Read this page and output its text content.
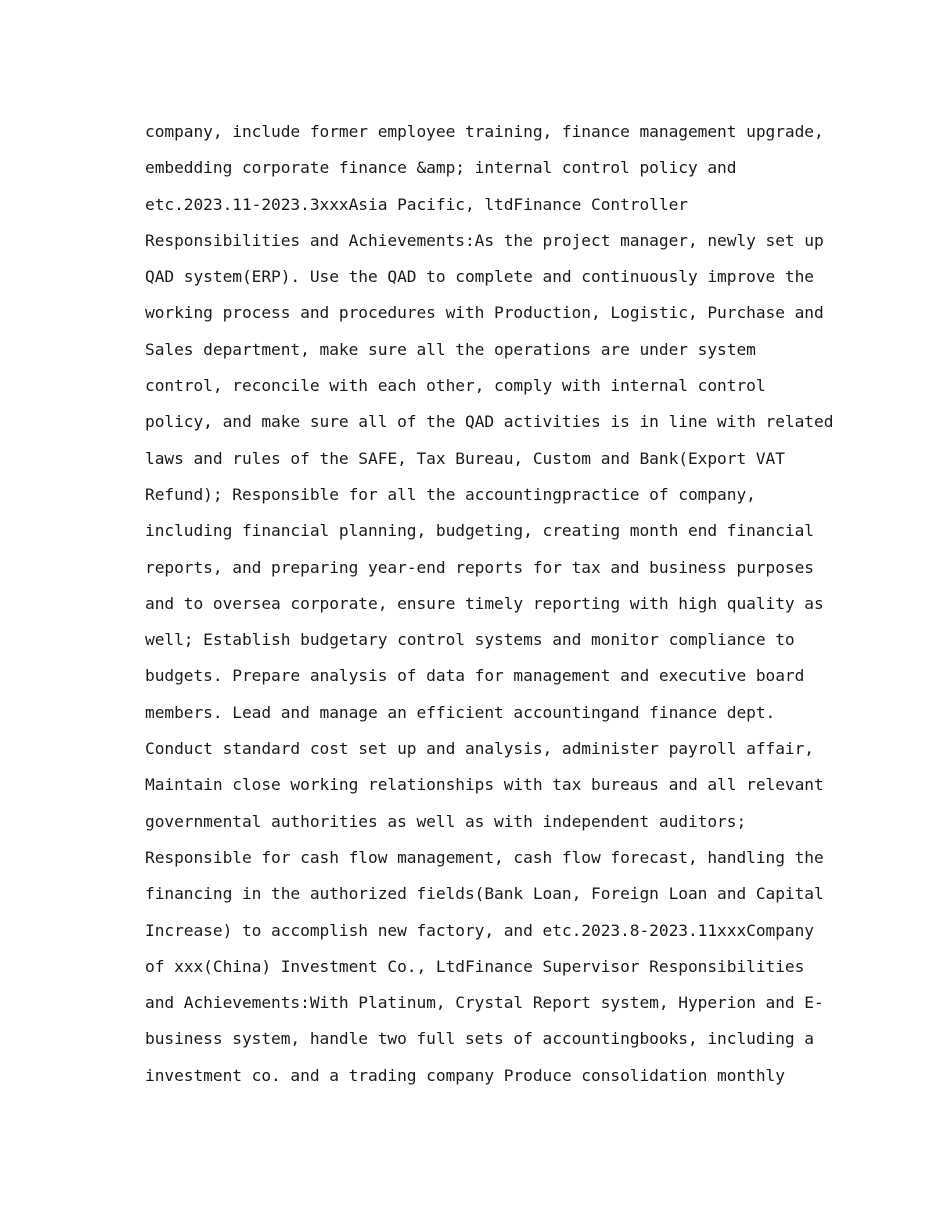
company, include former employee training, finance management upgrade,
embedding corporate finance &amp; internal control policy and
etc.2023.11-2023.3xxxAsia Pacific, ltdFinance Controller
Responsibilities and Achievements:As the project manager, newly set up
QAD system(ERP). Use the QAD to complete and continuously improve the
working process and procedures with Production, Logistic, Purchase and
Sales department, make sure all the operations are under system
control, reconcile with each other, comply with internal control
policy, and make sure all of the QAD activities is in line with related
laws and rules of the SAFE, Tax Bureau, Custom and Bank(Export VAT
Refund); Responsible for all the accountingpractice of company,
including financial planning, budgeting, creating month end financial
reports, and preparing year-end reports for tax and business purposes
and to oversea corporate, ensure timely reporting with high quality as
well; Establish budgetary control systems and monitor compliance to
budgets. Prepare analysis of data for management and executive board
members. Lead and manage an efficient accountingand finance dept.
Conduct standard cost set up and analysis, administer payroll affair,
Maintain close working relationships with tax bureaus and all relevant
governmental authorities as well as with independent auditors;
Responsible for cash flow management, cash flow forecast, handling the
financing in the authorized fields(Bank Loan, Foreign Loan and Capital
Increase) to accomplish new factory, and etc.2023.8-2023.11xxxCompany
of xxx(China) Investment Co., LtdFinance Supervisor Responsibilities
and Achievements:With Platinum, Crystal Report system, Hyperion and E-
business system, handle two full sets of accountingbooks, including a
investment co. and a trading company Produce consolidation monthly
